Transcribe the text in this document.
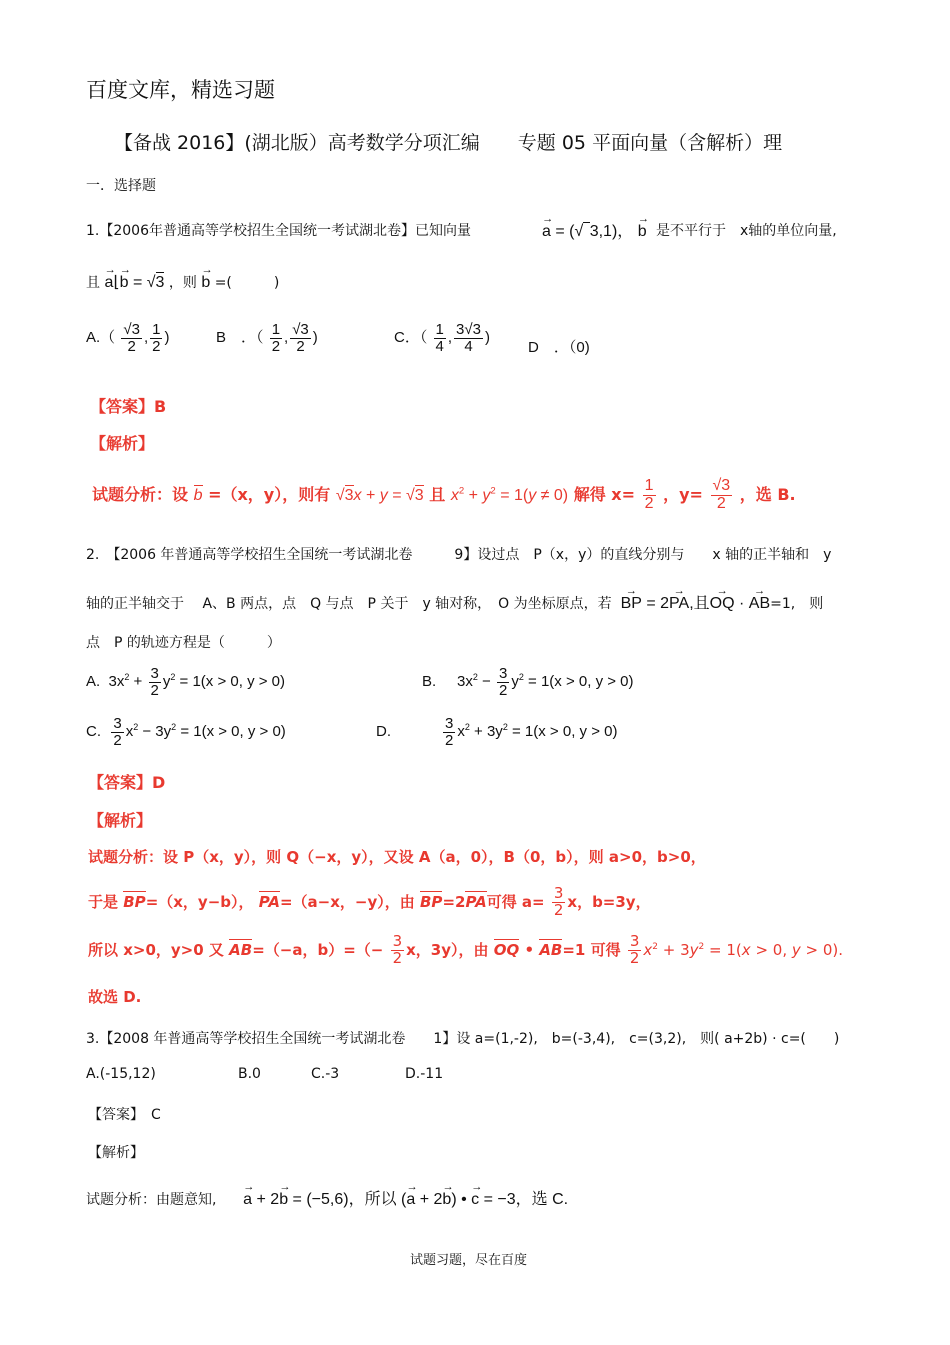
百度文库，精选习题
【备战 2016】(湖北版）高考数学分项汇编　　专题 05 平面向量（含解析）理
一．选择题
1.【2006年普通高等学校招生全国统一考试湖北卷】已知向量	→ a = (√ 3,1)， → b 是不平行于　x轴的单位向量,
且 → a⌊→ b = √3 ，则 → b =(　　　)
$A.( \frac{√3}{2}$ , $\frac{1}{2}$ )	B　．（ $\frac{1}{2}$ , $\frac{√3}{2}$ )	C．（ $\frac{1}{4}$ , $\frac{3√3}{4}$ )
D　．（0)
【答案】B
【解析】
试题分析：设 b =（x，y），则有 √3x + y = √3 且 $x^2 + y^2 = 1(y \ne 0)$ 解得 $x= \frac{1}{2}$ ，$y= \frac{√3}{2}$ ，选 B.
2.　【2006 年普通高等学校招生全国统一考试湖北卷　　　9】设过点　P（x，y）的直线分别与　　x 轴的正半轴和　y
轴的正半轴交于　 A、B 两点，点　Q 与点　P 关于　y 轴对称，　O 为坐标原点，若 → BP = 2→ PA,且→ OQ · → AB=1,　则
点　P 的轨迹方程是（　　　）
A.  $3x^2 + \frac{3}{2} y^2 = 1(x > 0$, y > 0)	B.     $3x^2 - \frac{3}{2} y^2 = 1(x > 0$, y > 0)
C. $\frac{3}{2} x^2 - 3y^2 = 1(x > 0$, y > 0)	D.	$\frac{3}{2} x^2 + 3y^2 = 1(x > 0$, y > 0)
【答案】D
【解析】
试题分析：设 P（x，y），则 Q（−x，y），又设 A（a，0），B（0，b），则 a>0，b>0，
于是 BP=（x，y−b）， PA=（a−x，−y），由 BP=2PA可得 $a= \frac{3}{2}$ x，b=3y，
所以 x>0，y>0 又 AB=（−a，$b)=(- \frac{3}{2}$ x，3y），由 OQ • AB=1 可得 $\frac{3}{2} x^2 + 3y^2 = 1(x > 0$, y > 0).
故选 D.
3.【2008 年普通高等学校招生全国统一考试湖北卷　　1】设 a=(1,-2),　b=(-3,4),　c=(3,2),　则( a+2b) · c=(　　)
A.(-15,12)	B.0	C.-3	D.-11
【答案】　C
【解析】
试题分析：由题意知, → a + 2→ b = (−5,6)，所以 (→ a + 2→ b) • → c = −3，选 C.
试题习题，尽在百度
